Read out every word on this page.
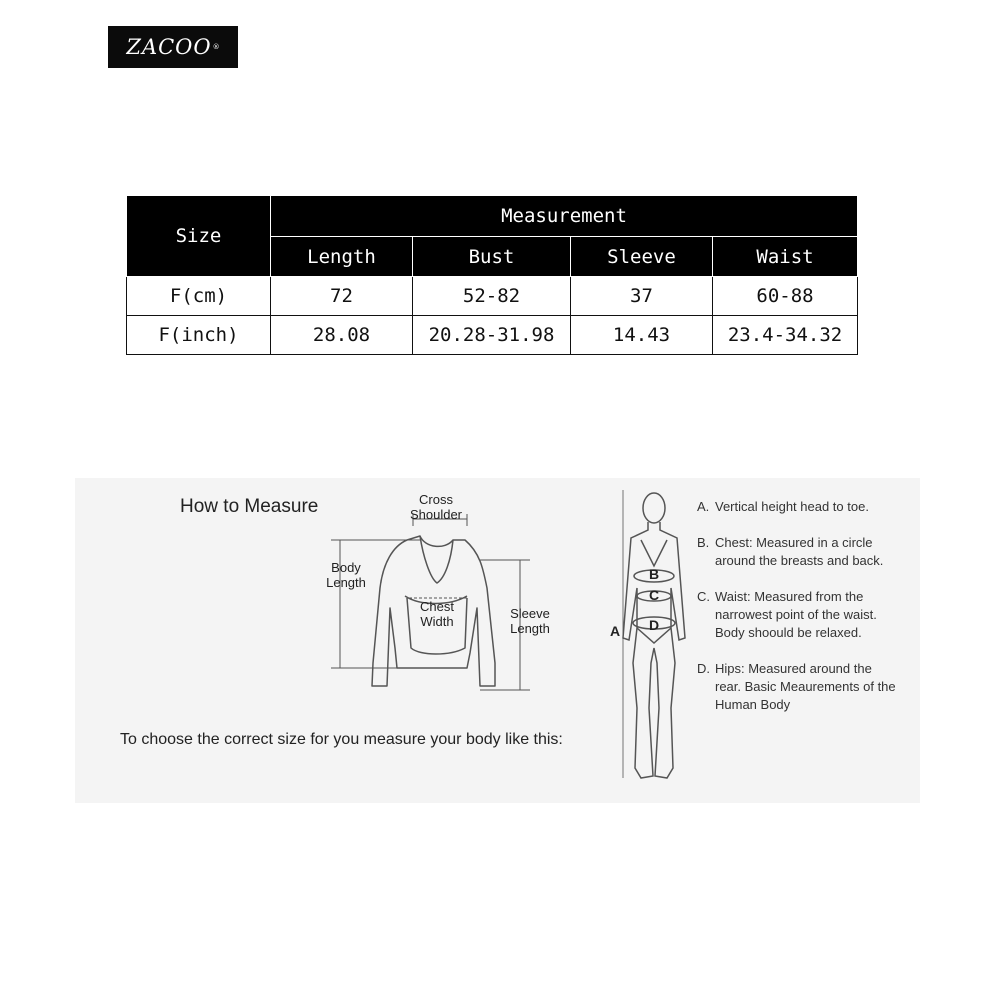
ZACOO ®
Size	Measurement			
	Length	Bust	Sleeve	Waist
F(cm)	72	52-82	37	60-88
F(inch)	28.08	20.28-31.98	14.43	23.4-34.32
How to Measure	Cross
Shoulder
Body
Length
Chest
Width
Sleeve
Length
To choose the correct size for you measure your body like this:
A
B
C
D
A. Vertical height head to toe.
B. Chest: Measured in a circle around the breasts and back.
C. Waist: Measured from the narrowest point of the waist. Body shoould be relaxed.
D. Hips: Measured around the rear. Basic Meaurements of the Human Body
